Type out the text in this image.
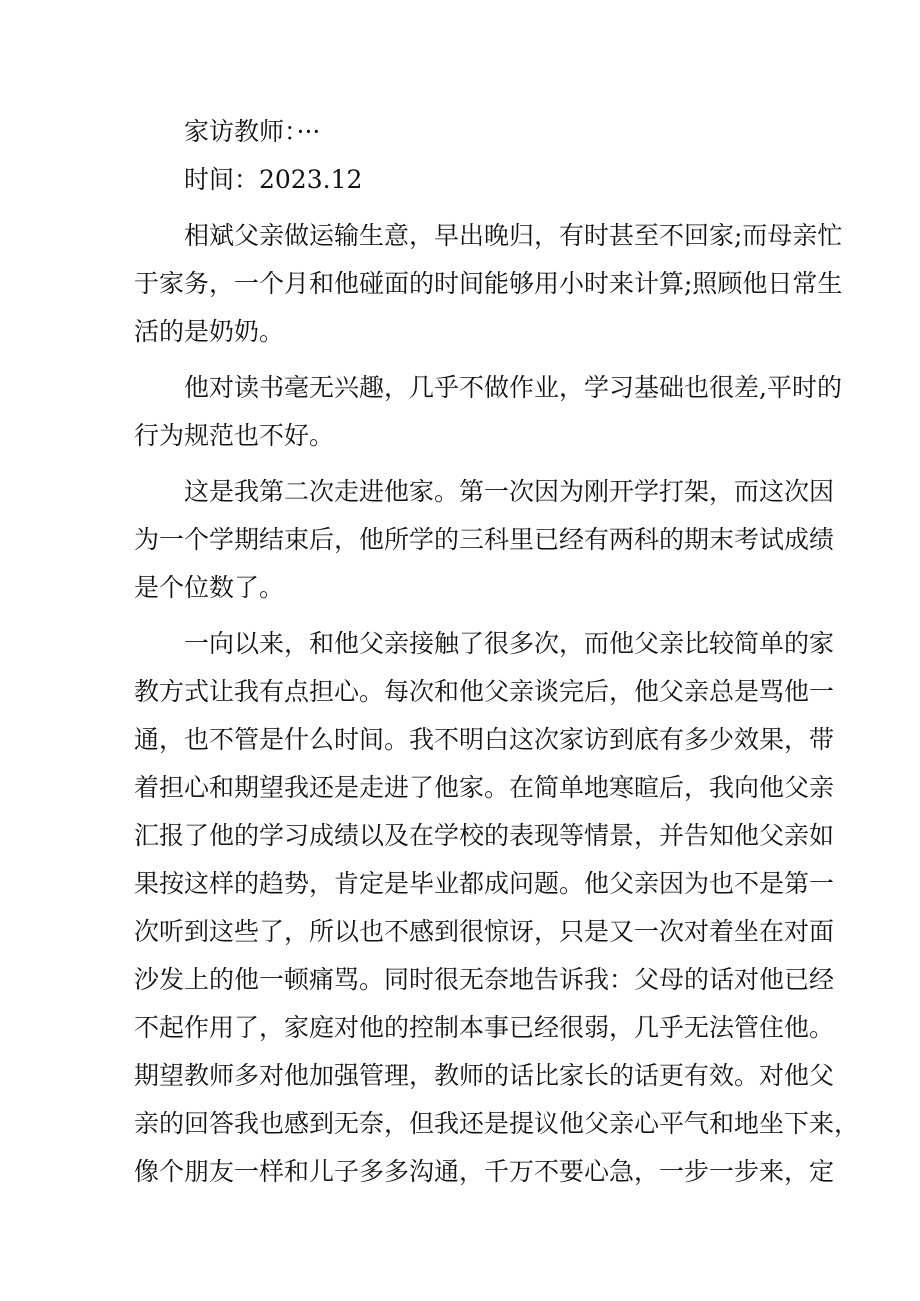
家访教师：···

时间：2023.12

相斌父亲做运输生意，早出晚归，有时甚至不回家;而母亲忙

于家务，一个月和他碰面的时间能够用小时来计算;照顾他日常生

活的是奶奶。

他对读书毫无兴趣，几乎不做作业，学习基础也很差,平时的

行为规范也不好。

这是我第二次走进他家。第一次因为刚开学打架，而这次因

为一个学期结束后，他所学的三科里已经有两科的期末考试成绩

是个位数了。

一向以来，和他父亲接触了很多次，而他父亲比较简单的家

教方式让我有点担心。每次和他父亲谈完后，他父亲总是骂他一

通，也不管是什么时间。我不明白这次家访到底有多少效果，带

着担心和期望我还是走进了他家。在简单地寒暄后，我向他父亲

汇报了他的学习成绩以及在学校的表现等情景，并告知他父亲如

果按这样的趋势，肯定是毕业都成问题。他父亲因为也不是第一

次听到这些了，所以也不感到很惊讶，只是又一次对着坐在对面

沙发上的他一顿痛骂。同时很无奈地告诉我：父母的话对他已经

不起作用了，家庭对他的控制本事已经很弱，几乎无法管住他。

期望教师多对他加强管理，教师的话比家长的话更有效。对他父

亲的回答我也感到无奈，但我还是提议他父亲心平气和地坐下来，

像个朋友一样和儿子多多沟通，千万不要心急，一步一步来，定
